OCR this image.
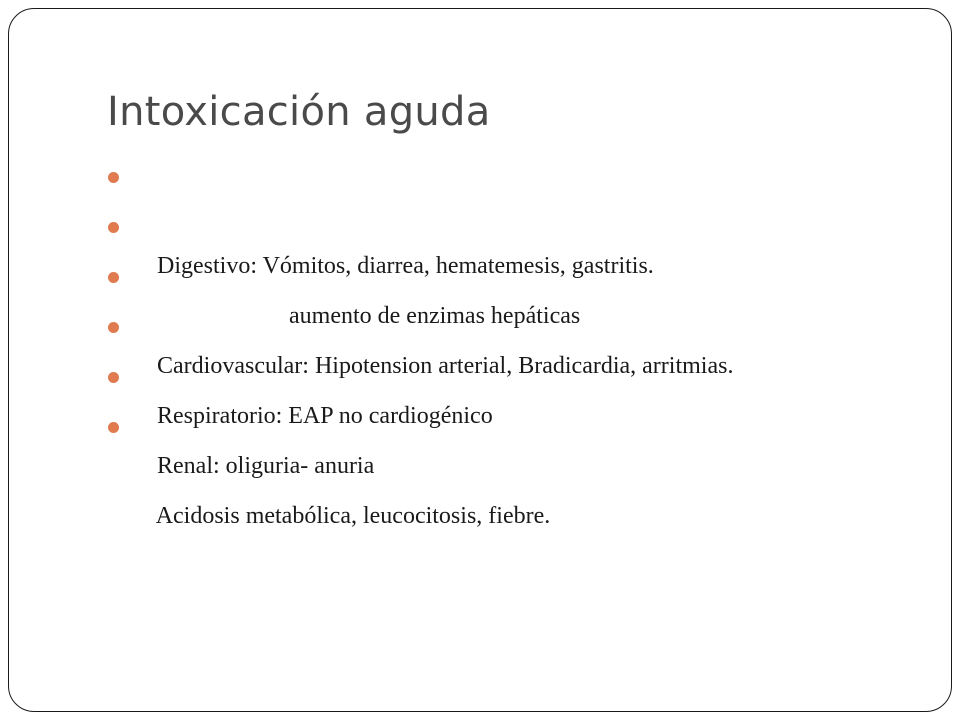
Intoxicación aguda

Digestivo: Vómitos, diarrea, hematemesis, gastritis.

aumento de enzimas hepáticas

Cardiovascular: Hipotension arterial, Bradicardia, arritmias.

Respiratorio: EAP no cardiogénico

Renal: oliguria- anuria

Acidosis metabólica, leucocitosis, fiebre.
